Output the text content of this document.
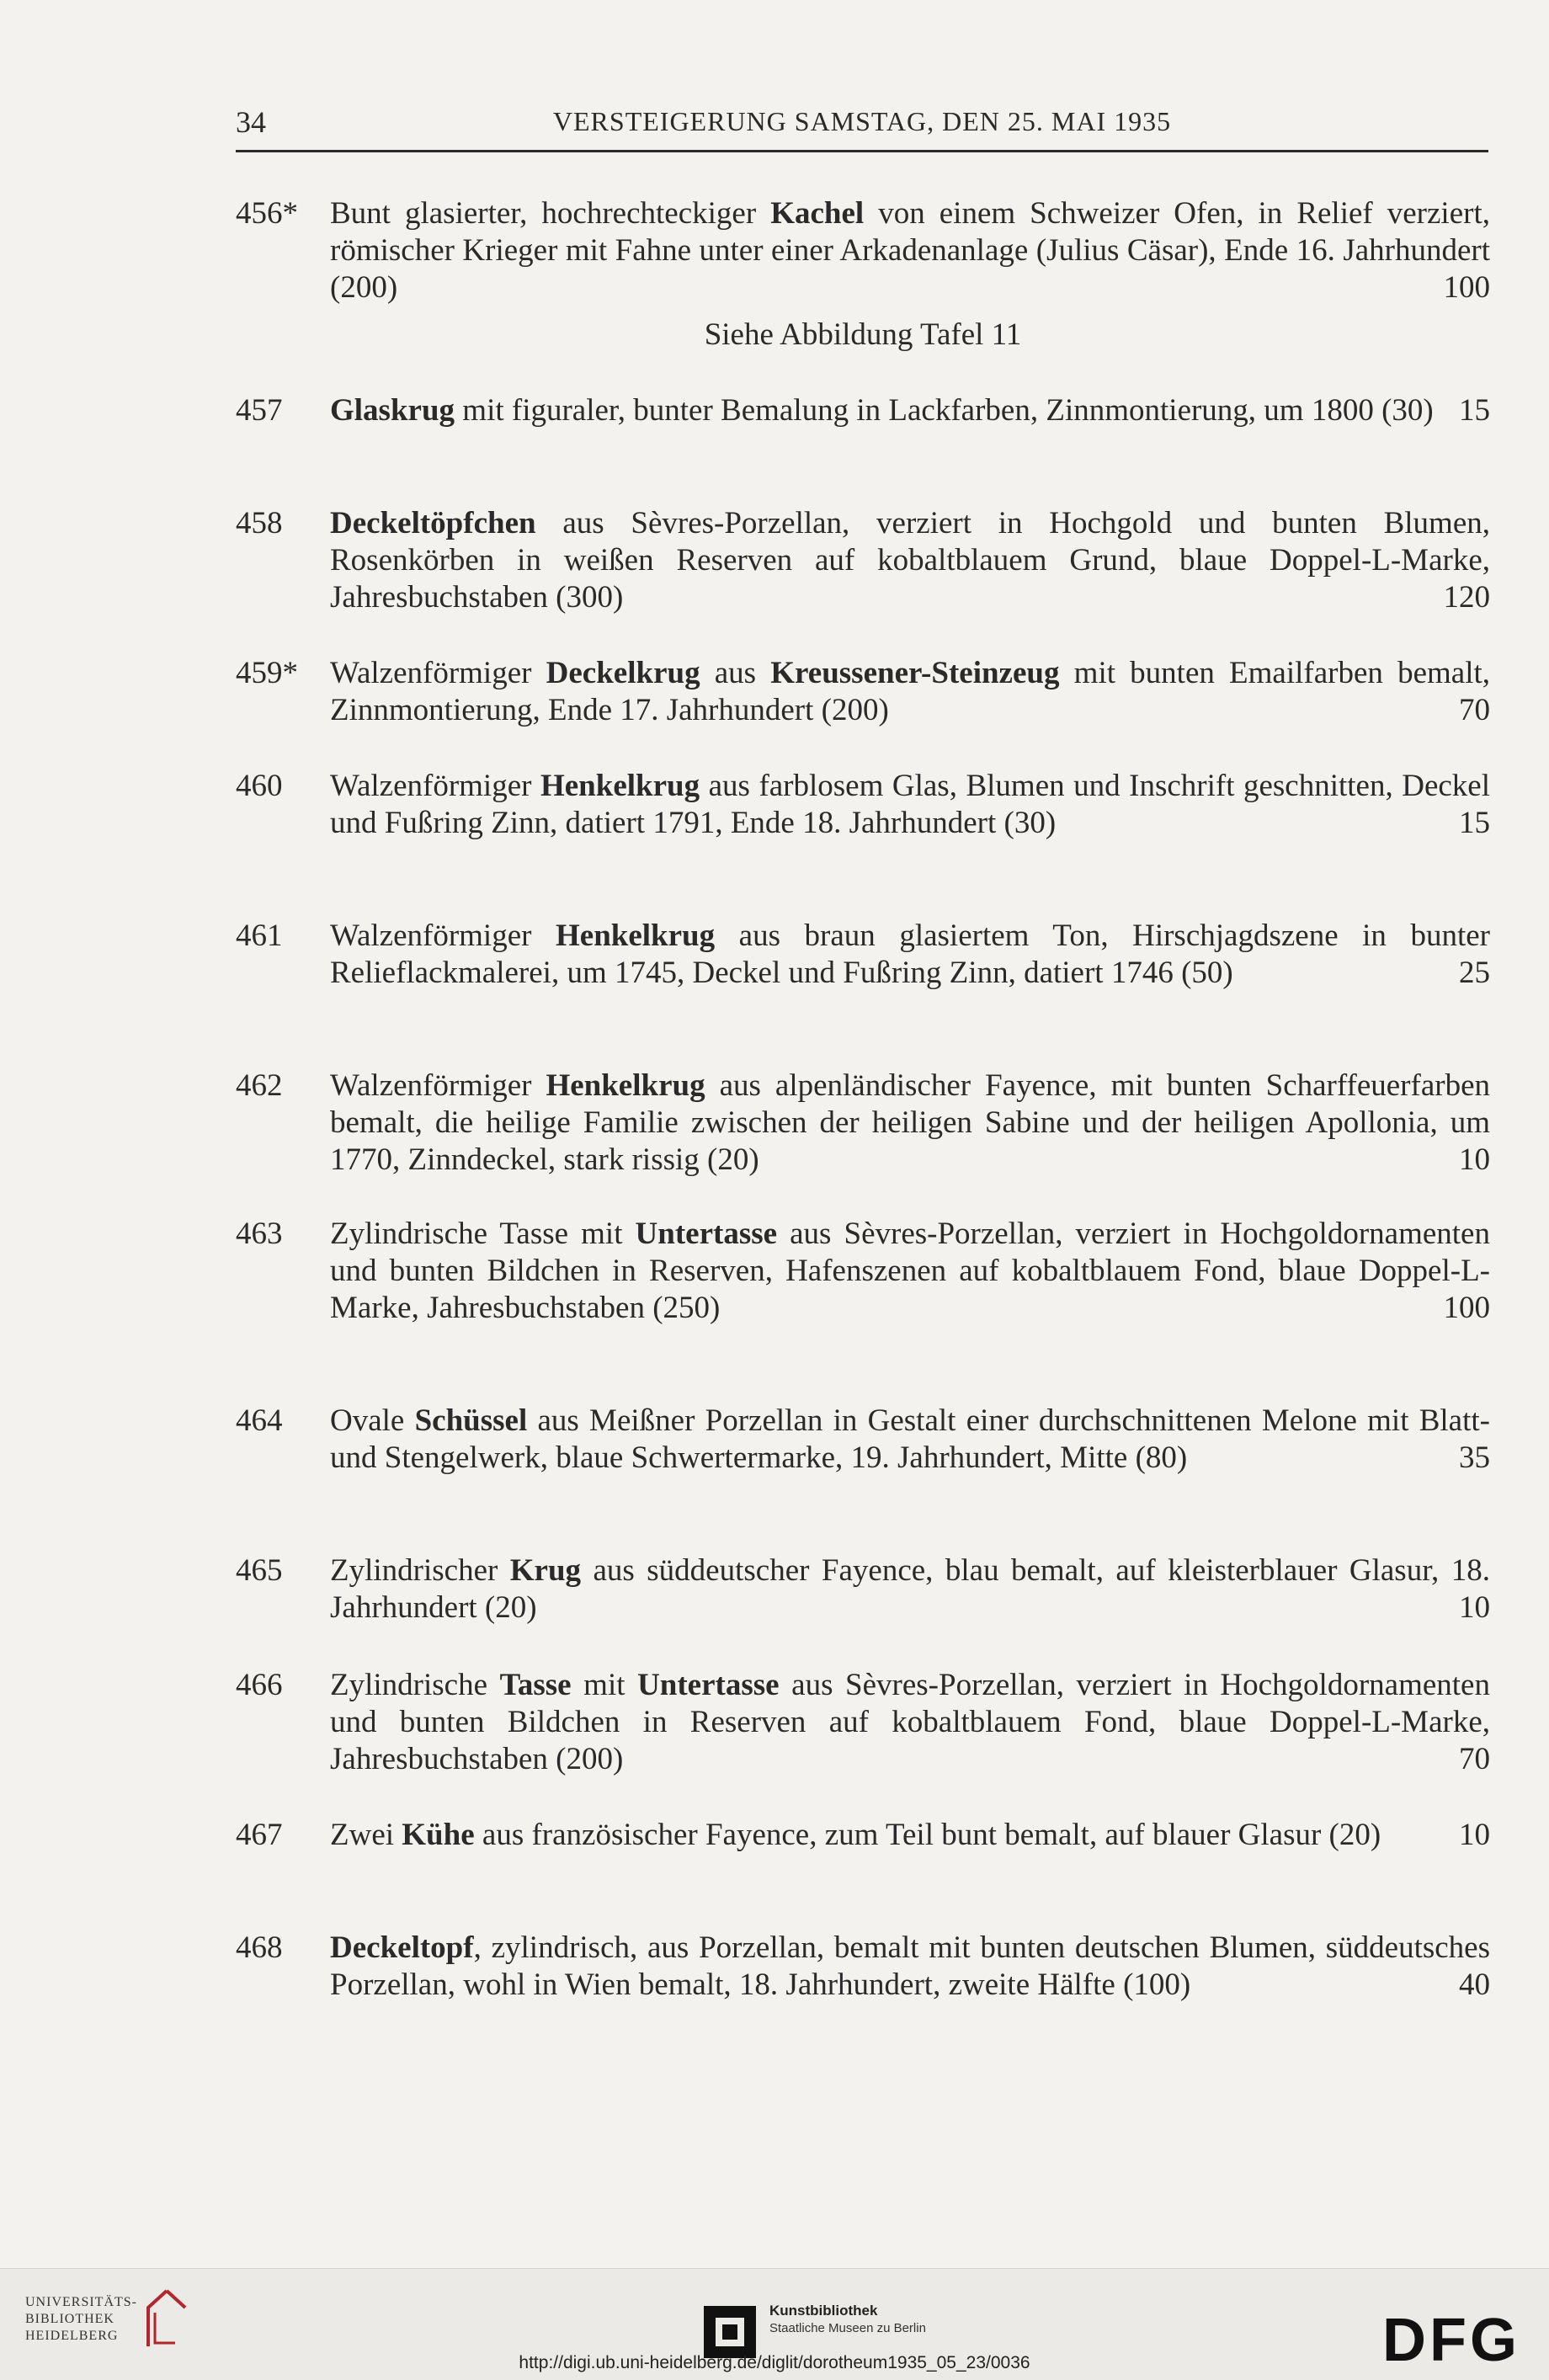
34	VERSTEIGERUNG SAMSTAG, DEN 25. MAI 1935
456* Bunt glasierter, hochrechteckiger Kachel von einem Schweizer Ofen, in Relief verziert, römischer Krieger mit Fahne unter einer Arkadenanlage (Julius Cäsar), Ende 16. Jahrhundert (200)	100
Siehe Abbildung Tafel 11
457 Glaskrug mit figuraler, bunter Bemalung in Lackfarben, Zinnmontierung, um 1800 (30) 15
458 Deckeltöpfchen aus Sèvres-Porzellan, verziert in Hochgold und bunten Blumen, Rosenkörben in weißen Reserven auf kobaltblauem Grund, blaue Doppel-L-Marke, Jahresbuchstaben (300)	120
459* Walzenförmiger Deckelkrug aus Kreussener-Steinzeug mit bunten Emailfarben bemalt, Zinnmontierung, Ende 17. Jahrhundert (200)	70
460 Walzenförmiger Henkelkrug aus farblosem Glas, Blumen und Inschrift geschnitten, Deckel und Fußring Zinn, datiert 1791, Ende 18. Jahrhundert (30)	15
461 Walzenförmiger Henkelkrug aus braun glasiertem Ton, Hirschjagdszene in bunter Relieflackmalerei, um 1745, Deckel und Fußring Zinn, datiert 1746 (50)	25
462 Walzenförmiger Henkelkrug aus alpenländischer Fayence, mit bunten Scharffeuerfarben bemalt, die heilige Familie zwischen der heiligen Sabine und der heiligen Apollonia, um 1770, Zinndeckel, stark rissig (20)	10
463 Zylindrische Tasse mit Untertasse aus Sèvres-Porzellan, verziert in Hochgoldornamenten und bunten Bildchen in Reserven, Hafenszenen auf kobaltblauem Fond, blaue Doppel-L-Marke, Jahresbuchstaben (250)	100
464 Ovale Schüssel aus Meißner Porzellan in Gestalt einer durchschnittenen Melone mit Blatt- und Stengelwerk, blaue Schwertermarke, 19. Jahrhundert, Mitte (80)	35
465 Zylindrischer Krug aus süddeutscher Fayence, blau bemalt, auf kleisterblauer Glasur, 18. Jahrhundert (20)	10
466 Zylindrische Tasse mit Untertasse aus Sèvres-Porzellan, verziert in Hochgoldornamenten und bunten Bildchen in Reserven auf kobaltblauem Fond, blaue Doppel-L-Marke, Jahresbuchstaben (200)	70
467 Zwei Kühe aus französischer Fayence, zum Teil bunt bemalt, auf blauer Glasur (20)	10
468 Deckeltopf, zylindrisch, aus Porzellan, bemalt mit bunten deutschen Blumen, süddeutsches Porzellan, wohl in Wien bemalt, 18. Jahrhundert, zweite Hälfte (100)	40
UNIVERSITÄTS-
BIBLIOTHEK
HEIDELBERG
Kunstbibliothek
Staatliche Museen zu Berlin	DFG
http://digi.ub.uni-heidelberg.de/diglit/dorotheum1935_05_23/0036
